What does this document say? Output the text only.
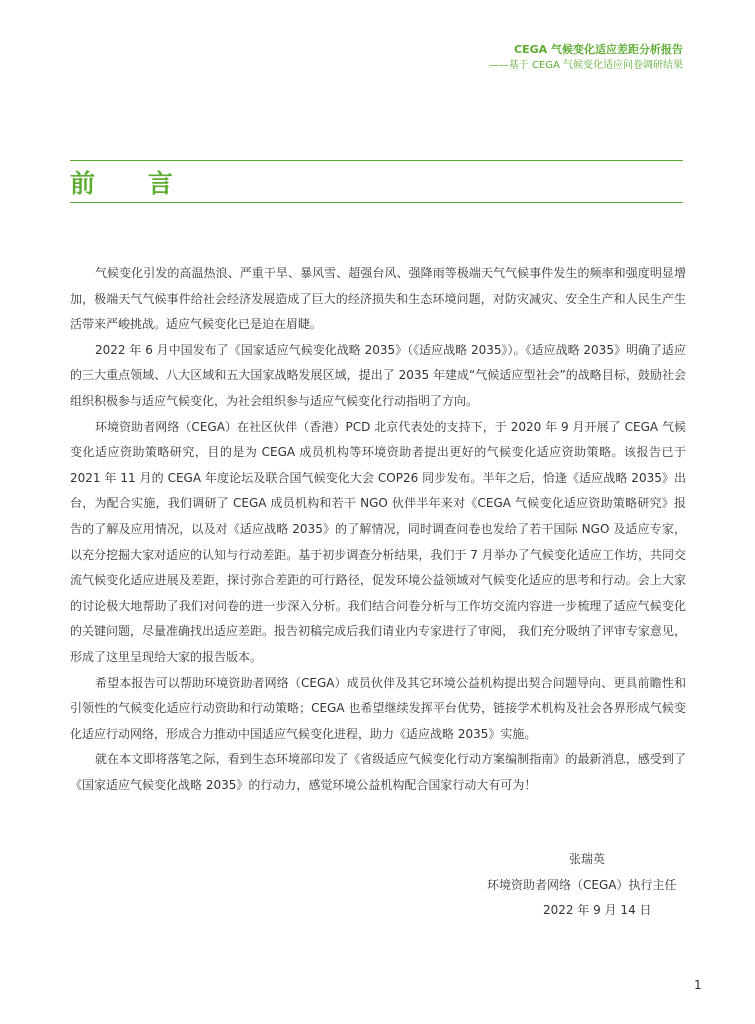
CEGA 气候变化适应差距分析报告
——基于 CEGA 气候变化适应问卷调研结果
前 言

气候变化引发的高温热浪、严重干旱、暴风雪、超强台风、强降雨等极端天气气候事件发生的频率和强度明显增加，极端天气气候事件给社会经济发展造成了巨大的经济损失和生态环境问题，对防灾减灾、安全生产和人民生产生活带来严峻挑战。适应气候变化已是迫在眉睫。

2022 年 6 月中国发布了《国家适应气候变化战略 2035》（《适应战略 2035》）。《适应战略 2035》明确了适应的三大重点领域、八大区域和五大国家战略发展区域，提出了 2035 年建成“气候适应型社会”的战略目标，鼓励社会组织积极参与适应气候变化，为社会组织参与适应气候变化行动指明了方向。

环境资助者网络（CEGA）在社区伙伴（香港）PCD 北京代表处的支持下，于 2020 年 9 月开展了 CEGA 气候变化适应资助策略研究，目的是为 CEGA 成员机构等环境资助者提出更好的气候变化适应资助策略。该报告已于 2021 年 11 月的 CEGA 年度论坛及联合国气候变化大会 COP26 同步发布。半年之后，恰逢《适应战略 2035》出台，为配合实施，我们调研了 CEGA 成员机构和若干 NGO 伙伴半年来对《CEGA 气候变化适应资助策略研究》报告的了解及应用情况，以及对《适应战略 2035》的了解情况，同时调查问卷也发给了若干国际 NGO 及适应专家，以充分挖掘大家对适应的认知与行动差距。基于初步调查分析结果，我们于 7 月举办了气候变化适应工作坊，共同交流气候变化适应进展及差距，探讨弥合差距的可行路径，促发环境公益领域对气候变化适应的思考和行动。会上大家的讨论极大地帮助了我们对问卷的进一步深入分析。我们结合问卷分析与工作坊交流内容进一步梳理了适应气候变化的关键问题，尽量准确找出适应差距。报告初稿完成后我们请业内专家进行了审阅， 我们充分吸纳了评审专家意见，形成了这里呈现给大家的报告版本。

希望本报告可以帮助环境资助者网络（CEGA）成员伙伴及其它环境公益机构提出契合问题导向、更具前瞻性和引领性的气候变化适应行动资助和行动策略；CEGA 也希望继续发挥平台优势，链接学术机构及社会各界形成气候变化适应行动网络，形成合力推动中国适应气候变化进程，助力《适应战略 2035》实施。

就在本文即将落笔之际，看到生态环境部印发了《省级适应气候变化行动方案编制指南》的最新消息，感受到了《国家适应气候变化战略 2035》的行动力，感觉环境公益机构配合国家行动大有可为！

张瑞英
环境资助者网络（CEGA）执行主任
2022 年 9 月 14 日
1
